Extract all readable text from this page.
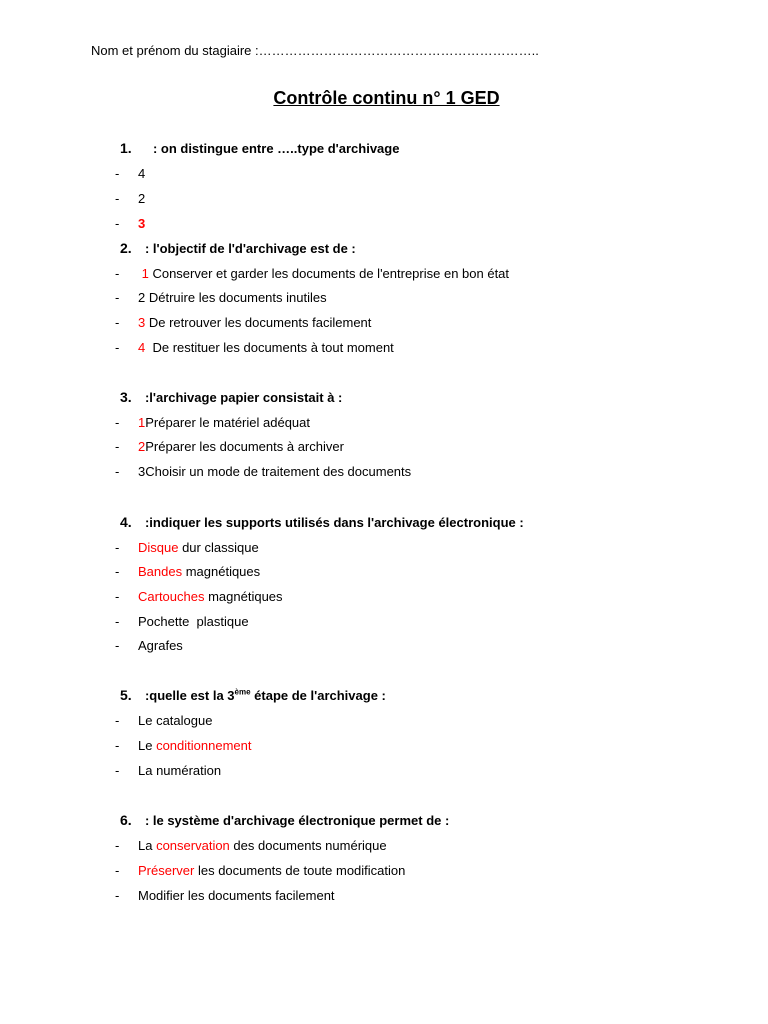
Nom et prénom du stagiaire :………………………………………………………..
Contrôle continu n° 1 GED
1. : on distingue entre …..type d'archivage
- 4
- 2
- 3
2. : l'objectif de l'd'archivage est de :
- 1 Conserver et garder les documents de l'entreprise en bon état
- 2 Détruire les documents inutiles
- 3 De retrouver les documents facilement
- 4  De restituer les documents à tout moment
3. :l'archivage papier consistait à :
- 1Préparer le matériel adéquat
- 2Préparer les documents à archiver
- 3Choisir un mode de traitement des documents
4. :indiquer les supports utilisés dans l'archivage électronique :
- Disque dur classique
- Bandes magnétiques
- Cartouches magnétiques
- Pochette  plastique
- Agrafes
5. :quelle est la 3ème étape de l'archivage :
- Le catalogue
- Le conditionnement
- La numération
6. : le système d'archivage électronique permet de :
- La conservation des documents numérique
- Préserver les documents de toute modification
- Modifier les documents facilement
